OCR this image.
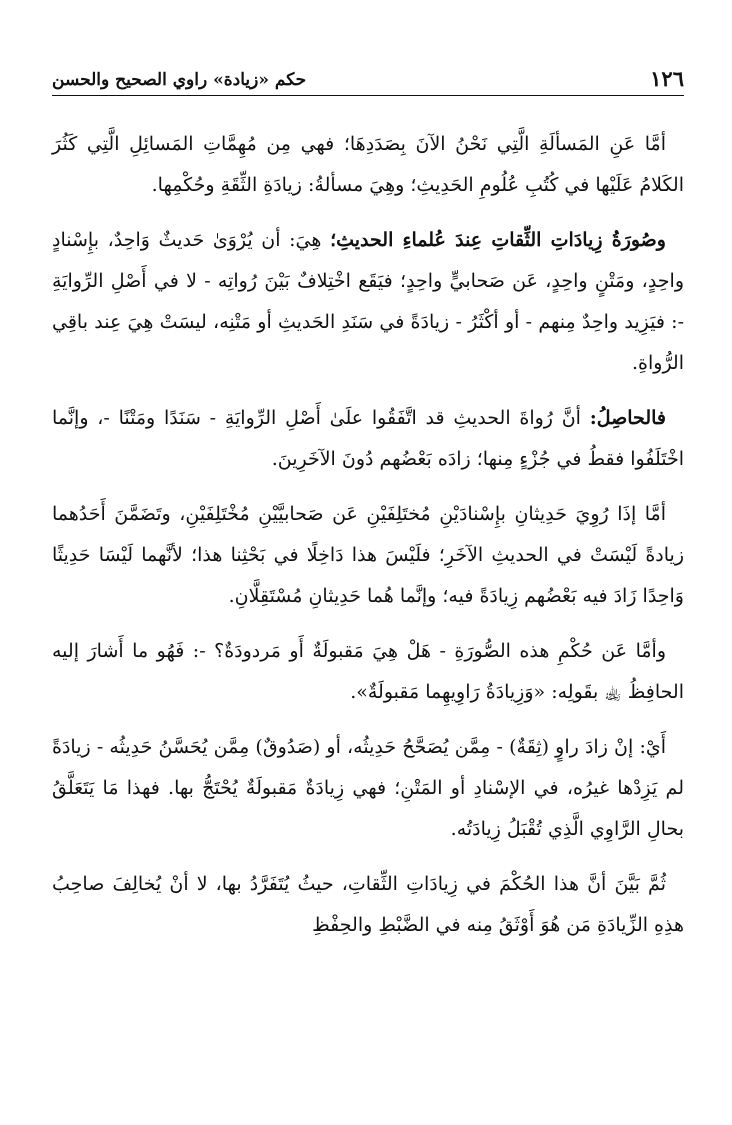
١٢٦
حكم «زيادة» راوي الصحيح والحسن

أمَّا عَنِ المَسألَةِ الَّتِي نَحْنُ الآنَ بِصَدَدِهَا؛ فهي مِن مُهِمَّاتِ المَسائِلِ الَّتِي كَثُرَ الكَلامُ عَلَيْها في كُتُبِ عُلُومِ الحَدِيثِ؛ وهِيَ مسألةُ: زيادَةِ الثِّقَةِ وحُكْمِها.

وصُورَةُ زِيادَاتِ الثِّقاتِ عِندَ عُلماءِ الحديثِ؛ هِيَ: أن يُرْوَىٰ حَديثٌ وَاحِدٌ، بإِسْنادٍ واحِدٍ، ومَتْنٍ واحِدٍ، عَن صَحابيٍّ واحِدٍ؛ فيَقَع اخْتِلافٌ بَيْنَ رُواتِه - لا في أَصْلِ الرِّوايَةِ -: فيَزِيد واحِدٌ مِنهم - أو أكْثَرُ - زيادَةً في سَنَدِ الحَديثِ أو مَتْنِه، ليسَتْ هِيَ عِند باقِي الرُّواةِ.

فالحاصِلُ: أنَّ رُواةَ الحديثِ قد اتَّفَقُوا علَىٰ أَصْلِ الرِّوايَةِ - سَنَدًا ومَتْنًا -، وإنَّما اخْتَلَفُوا فقطُ في جُزْءٍ مِنها؛ زادَه بَعْضُهم دُونَ الآخَرِينَ.

أمَّا إذَا رُوِيَ حَدِيثانِ بإِسْنادَيْنِ مُختَلِفَيْنِ عَن صَحابيَّيْنِ مُخْتَلِفَيْنِ، وتَضَمَّنَ أَحَدُهما زيادةً لَيْسَتْ في الحديثِ الآخَرِ؛ فلَيْسَ هذا دَاخِلًا في بَحْثِنا هذا؛ لأنَّهما لَيْسَا حَدِيثًا وَاحِدًا زَادَ فيه بَعْضُهم زِيادَةً فيه؛ وإنَّما هُما حَدِيثانِ مُسْتَقِلَّانِ.

وأمَّا عَن حُكْمِ هذه الصُّورَةِ - هَلْ هِيَ مَقبولَةٌ أَو مَردودَةٌ؟ -: فَهُو ما أَشارَ إليه الحافِظُ ﵀ بقَولِه: «وَزِيادَةُ رَاوِيهِما مَقبولَةٌ».

أَيْ: إنْ زادَ راوٍ (ثِقَةٌ) - مِمَّن يُصَحَّحُ حَدِيثُه، أو (صَدُوقٌ) مِمَّن يُحَسَّنُ حَدِيثُه - زيادَةً لم يَزِدْها غيرُه، في الإسْنادِ أو المَتْنِ؛ فهي زِيادَةٌ مَقبولَةٌ يُحْتَجُّ بها. فهذا مَا يَتَعَلَّقُ بحالِ الرَّاوِي الَّذِي تُقْبَلُ زِيادَتُه.

ثُمَّ بَيَّنَ أنَّ هذا الحُكْمَ في زِيادَاتِ الثِّقاتِ، حيثُ يُتَفَرَّدُ بها، لا أنْ يُخالِفَ صاحِبُ هذِهِ الزِّيادَةِ مَن هُوَ أَوْثَقُ مِنه في الضَّبْطِ والحِفْظِ
